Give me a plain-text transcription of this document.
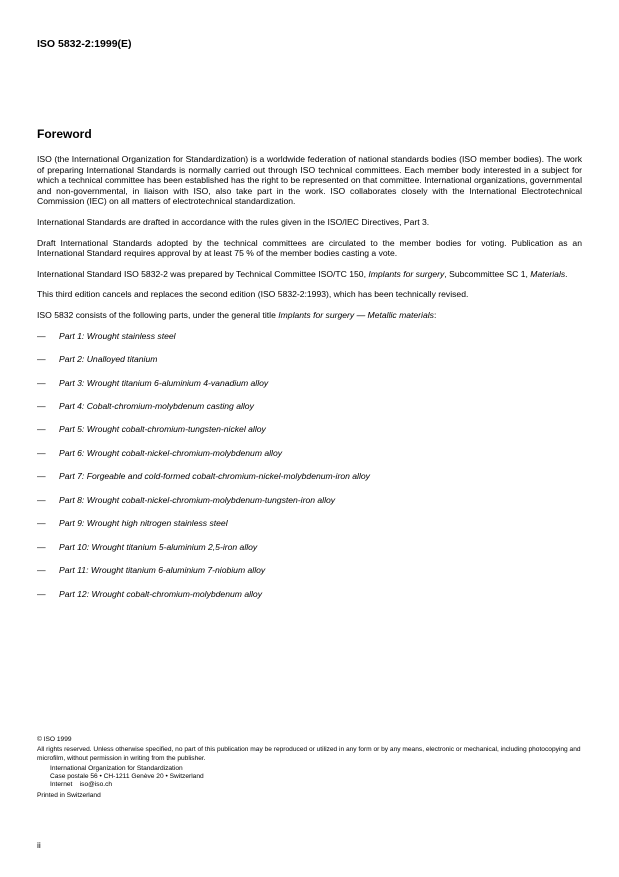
ISO 5832-2:1999(E)

Foreword

ISO (the International Organization for Standardization) is a worldwide federation of national standards bodies (ISO member bodies). The work of preparing International Standards is normally carried out through ISO technical committees. Each member body interested in a subject for which a technical committee has been established has the right to be represented on that committee. International organizations, governmental and non-governmental, in liaison with ISO, also take part in the work. ISO collaborates closely with the International Electrotechnical Commission (IEC) on all matters of electrotechnical standardization.

International Standards are drafted in accordance with the rules given in the ISO/IEC Directives, Part 3.

Draft International Standards adopted by the technical committees are circulated to the member bodies for voting. Publication as an International Standard requires approval by at least 75 % of the member bodies casting a vote.

International Standard ISO 5832-2 was prepared by Technical Committee ISO/TC 150, Implants for surgery, Subcommittee SC 1, Materials.

This third edition cancels and replaces the second edition (ISO 5832-2:1993), which has been technically revised.

ISO 5832 consists of the following parts, under the general title Implants for surgery — Metallic materials:

— Part 1: Wrought stainless steel
— Part 2: Unalloyed titanium
— Part 3: Wrought titanium 6-aluminium 4-vanadium alloy
— Part 4: Cobalt-chromium-molybdenum casting alloy
— Part 5: Wrought cobalt-chromium-tungsten-nickel alloy
— Part 6: Wrought cobalt-nickel-chromium-molybdenum alloy
— Part 7: Forgeable and cold-formed cobalt-chromium-nickel-molybdenum-iron alloy
— Part 8: Wrought cobalt-nickel-chromium-molybdenum-tungsten-iron alloy
— Part 9: Wrought high nitrogen stainless steel
— Part 10: Wrought titanium 5-aluminium 2,5-iron alloy
— Part 11: Wrought titanium 6-aluminium 7-niobium alloy
— Part 12: Wrought cobalt-chromium-molybdenum alloy

© ISO 1999

All rights reserved. Unless otherwise specified, no part of this publication may be reproduced or utilized in any form or by any means, electronic or mechanical, including photocopying and microfilm, without permission in writing from the publisher.

International Organization for Standardization

Case postale 56 • CH-1211 Genève 20 • Switzerland

Internet iso@iso.ch

Printed in Switzerland

ii
